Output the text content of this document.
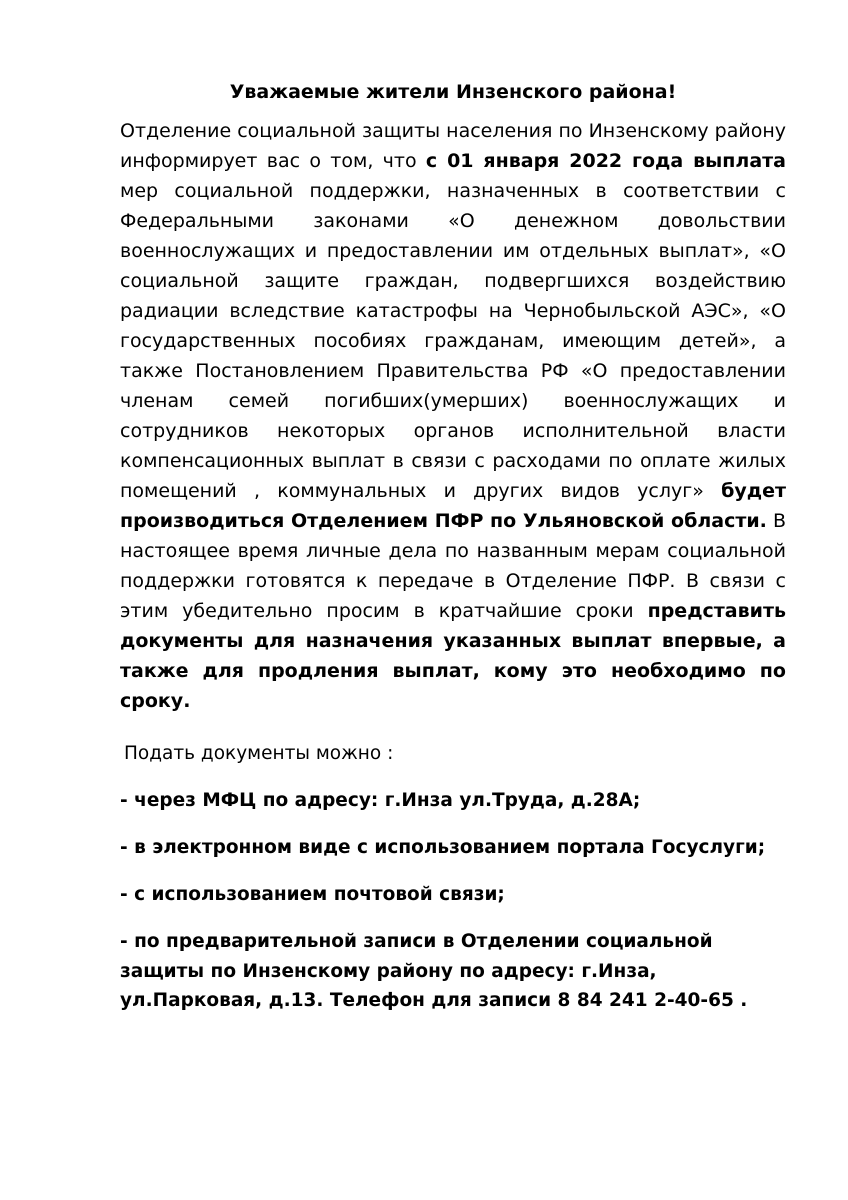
Уважаемые жители Инзенского района!

Отделение социальной защиты населения по Инзенскому району информирует вас о том, что с 01 января 2022 года выплата мер социальной поддержки, назначенных в соответствии с Федеральными законами «О денежном довольствии военнослужащих и предоставлении им отдельных выплат», «О социальной защите граждан, подвергшихся воздействию радиации вследствие катастрофы на Чернобыльской АЭС», «О государственных пособиях гражданам, имеющим детей», а также Постановлением Правительства РФ «О предоставлении членам семей погибших(умерших) военнослужащих и сотрудников некоторых органов исполнительной власти компенсационных выплат в связи с расходами по оплате жилых помещений , коммунальных и других видов услуг» будет производиться Отделением ПФР по Ульяновской области. В настоящее время личные дела по названным мерам социальной поддержки готовятся к передаче в Отделение ПФР. В связи с этим убедительно просим в кратчайшие сроки представить документы для назначения указанных выплат впервые, а также для продления выплат, кому это необходимо по сроку.

Подать документы можно :

- через МФЦ по адресу: г.Инза ул.Труда, д.28А;

- в электронном виде с использованием портала Госуслуги;

- с использованием почтовой связи;

- по предварительной записи в Отделении социальной защиты по Инзенскому району по адресу: г.Инза, ул.Парковая, д.13. Телефон для записи 8 84 241 2-40-65 .
